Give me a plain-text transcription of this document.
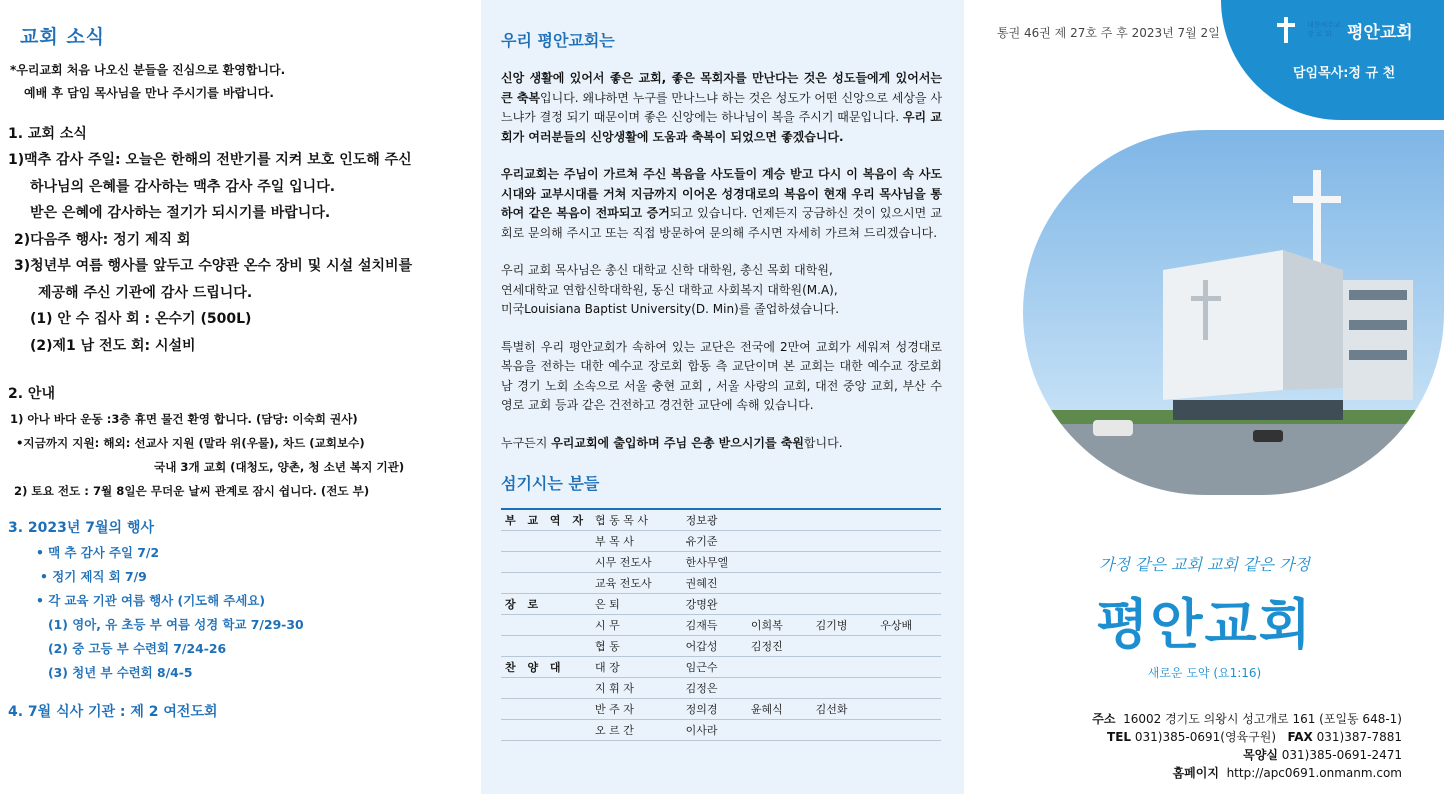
교회 소식
*우리교회 처음 나오신 분들을 진심으로 환영합니다.
예배 후 담임 목사님을 만나 주시기를 바랍니다.
1. 교회 소식
1)맥추 감사 주일: 오늘은 한해의 전반기를 지켜 보호 인도해 주신
하나님의 은혜를 감사하는 맥추 감사 주일 입니다.
받은 은혜에 감사하는 절기가 되시기를 바랍니다.
2)다음주 행사: 정기 제직 회
3)청년부 여름 행사를 앞두고 수양관 온수 장비 및 시설 설치비를
제공해 주신 기관에 감사 드립니다.
(1) 안 수 집사 회 : 온수기 (500L)
(2)제1 남 전도 회: 시설비
2. 안내
1) 아나 바다 운동 :3층 휴면 물건 환영 합니다. (담당: 이숙희 권사)
•지금까지 지원: 해외: 선교사 지원 (말라 위(우물), 차드 (교회보수)
국내 3개 교회 (대청도, 양촌, 청 소년 복지 기관)
2) 토요 전도 : 7월 8일은 무더운 날씨 관계로 잠시 쉽니다. (전도 부)
3. 2023년 7월의 행사
• 맥 추 감사 주일 7/2
• 정기 제직 회 7/9
• 각 교육 기관 여름 행사 (기도해 주세요)
(1) 영아, 유 초등 부 여름 성경 학교 7/29-30
(2) 중 고등 부 수련회 7/24-26
(3) 청년 부 수련회 8/4-5
4. 7월 식사 기관 : 제 2 여전도회
우리 평안교회는
신앙 생활에 있어서 좋은 교회, 좋은 목회자를 만난다는 것은 성도들에게 있어서는 큰 축복입니다. 왜냐하면 누구를 만나느냐 하는 것은 성도가 어떤 신앙으로 세상을 사느냐가 결정 되기 때문이며 좋은 신앙에는 하나님이 복을 주시기 때문입니다. 우리 교회가 여러분들의 신앙생활에 도움과 축복이 되었으면 좋겠습니다.
우리교회는 주님이 가르쳐 주신 복음을 사도들이 계승 받고 다시 이 복음이 속 사도시대와 교부시대를 거쳐 지금까지 이어온 성경대로의 복음이 현재 우리 목사님을 통하여 같은 복음이 전파되고 증거되고 있습니다. 언제든지 궁금하신 것이 있으시면 교회로 문의해 주시고 또는 직접 방문하여 문의해 주시면 자세히 가르쳐 드리겠습니다.
우리 교회 목사님은 총신 대학교 신학 대학원, 총신 목회 대학원,
연세대학교 연합신학대학원, 동신 대학교 사회복지 대학원(M.A),
미국Louisiana Baptist University(D. Min)를 졸업하셨습니다.
특별히 우리 평안교회가 속하여 있는 교단은 전국에 2만여 교회가 세워져 성경대로 복음을 전하는 대한 예수교 장로회 합동 측 교단이며 본 교회는 대한 예수교 장로회 남 경기 노회 소속으로 서울 충현 교회 , 서울 사랑의 교회, 대전 중앙 교회, 부산 수 영로 교회 등과 같은 건전하고 경건한 교단에 속해 있습니다.
누구든지 우리교회에 출입하며 주님 은총 받으시기를 축원합니다.
섬기시는 분들
부 교 역 자	협 동 목 사	정보광			
	부 목 사	유기준			
	시무 전도사	한사무엘			
	교육 전도사	권혜진			
장 로	은 퇴	강명완			
	시 무	김재득	이희복	김기병	우상배
	협 동	어갑성	김정진		
찬 양 대	대 장	임근수			
	지 휘 자	김정은			
	반 주 자	정의경	윤혜식	김선화	
	오 르 간	이사라			
통권 46권 제 27호 주 후 2023년 7월 2일
대한예수교 장 로 회 평안교회
담임목사:정 규 천
가정 같은 교회 교회 같은 가정
평안교회
새로운 도약 (요1:16)
주소 16002 경기도 의왕시 성고개로 161 (포일동 648-1)
TEL 031)385-0691(영육구원) FAX 031)387-7881
목양실 031)385-0691-2471
홈페이지 http://apc0691.onmanm.com
